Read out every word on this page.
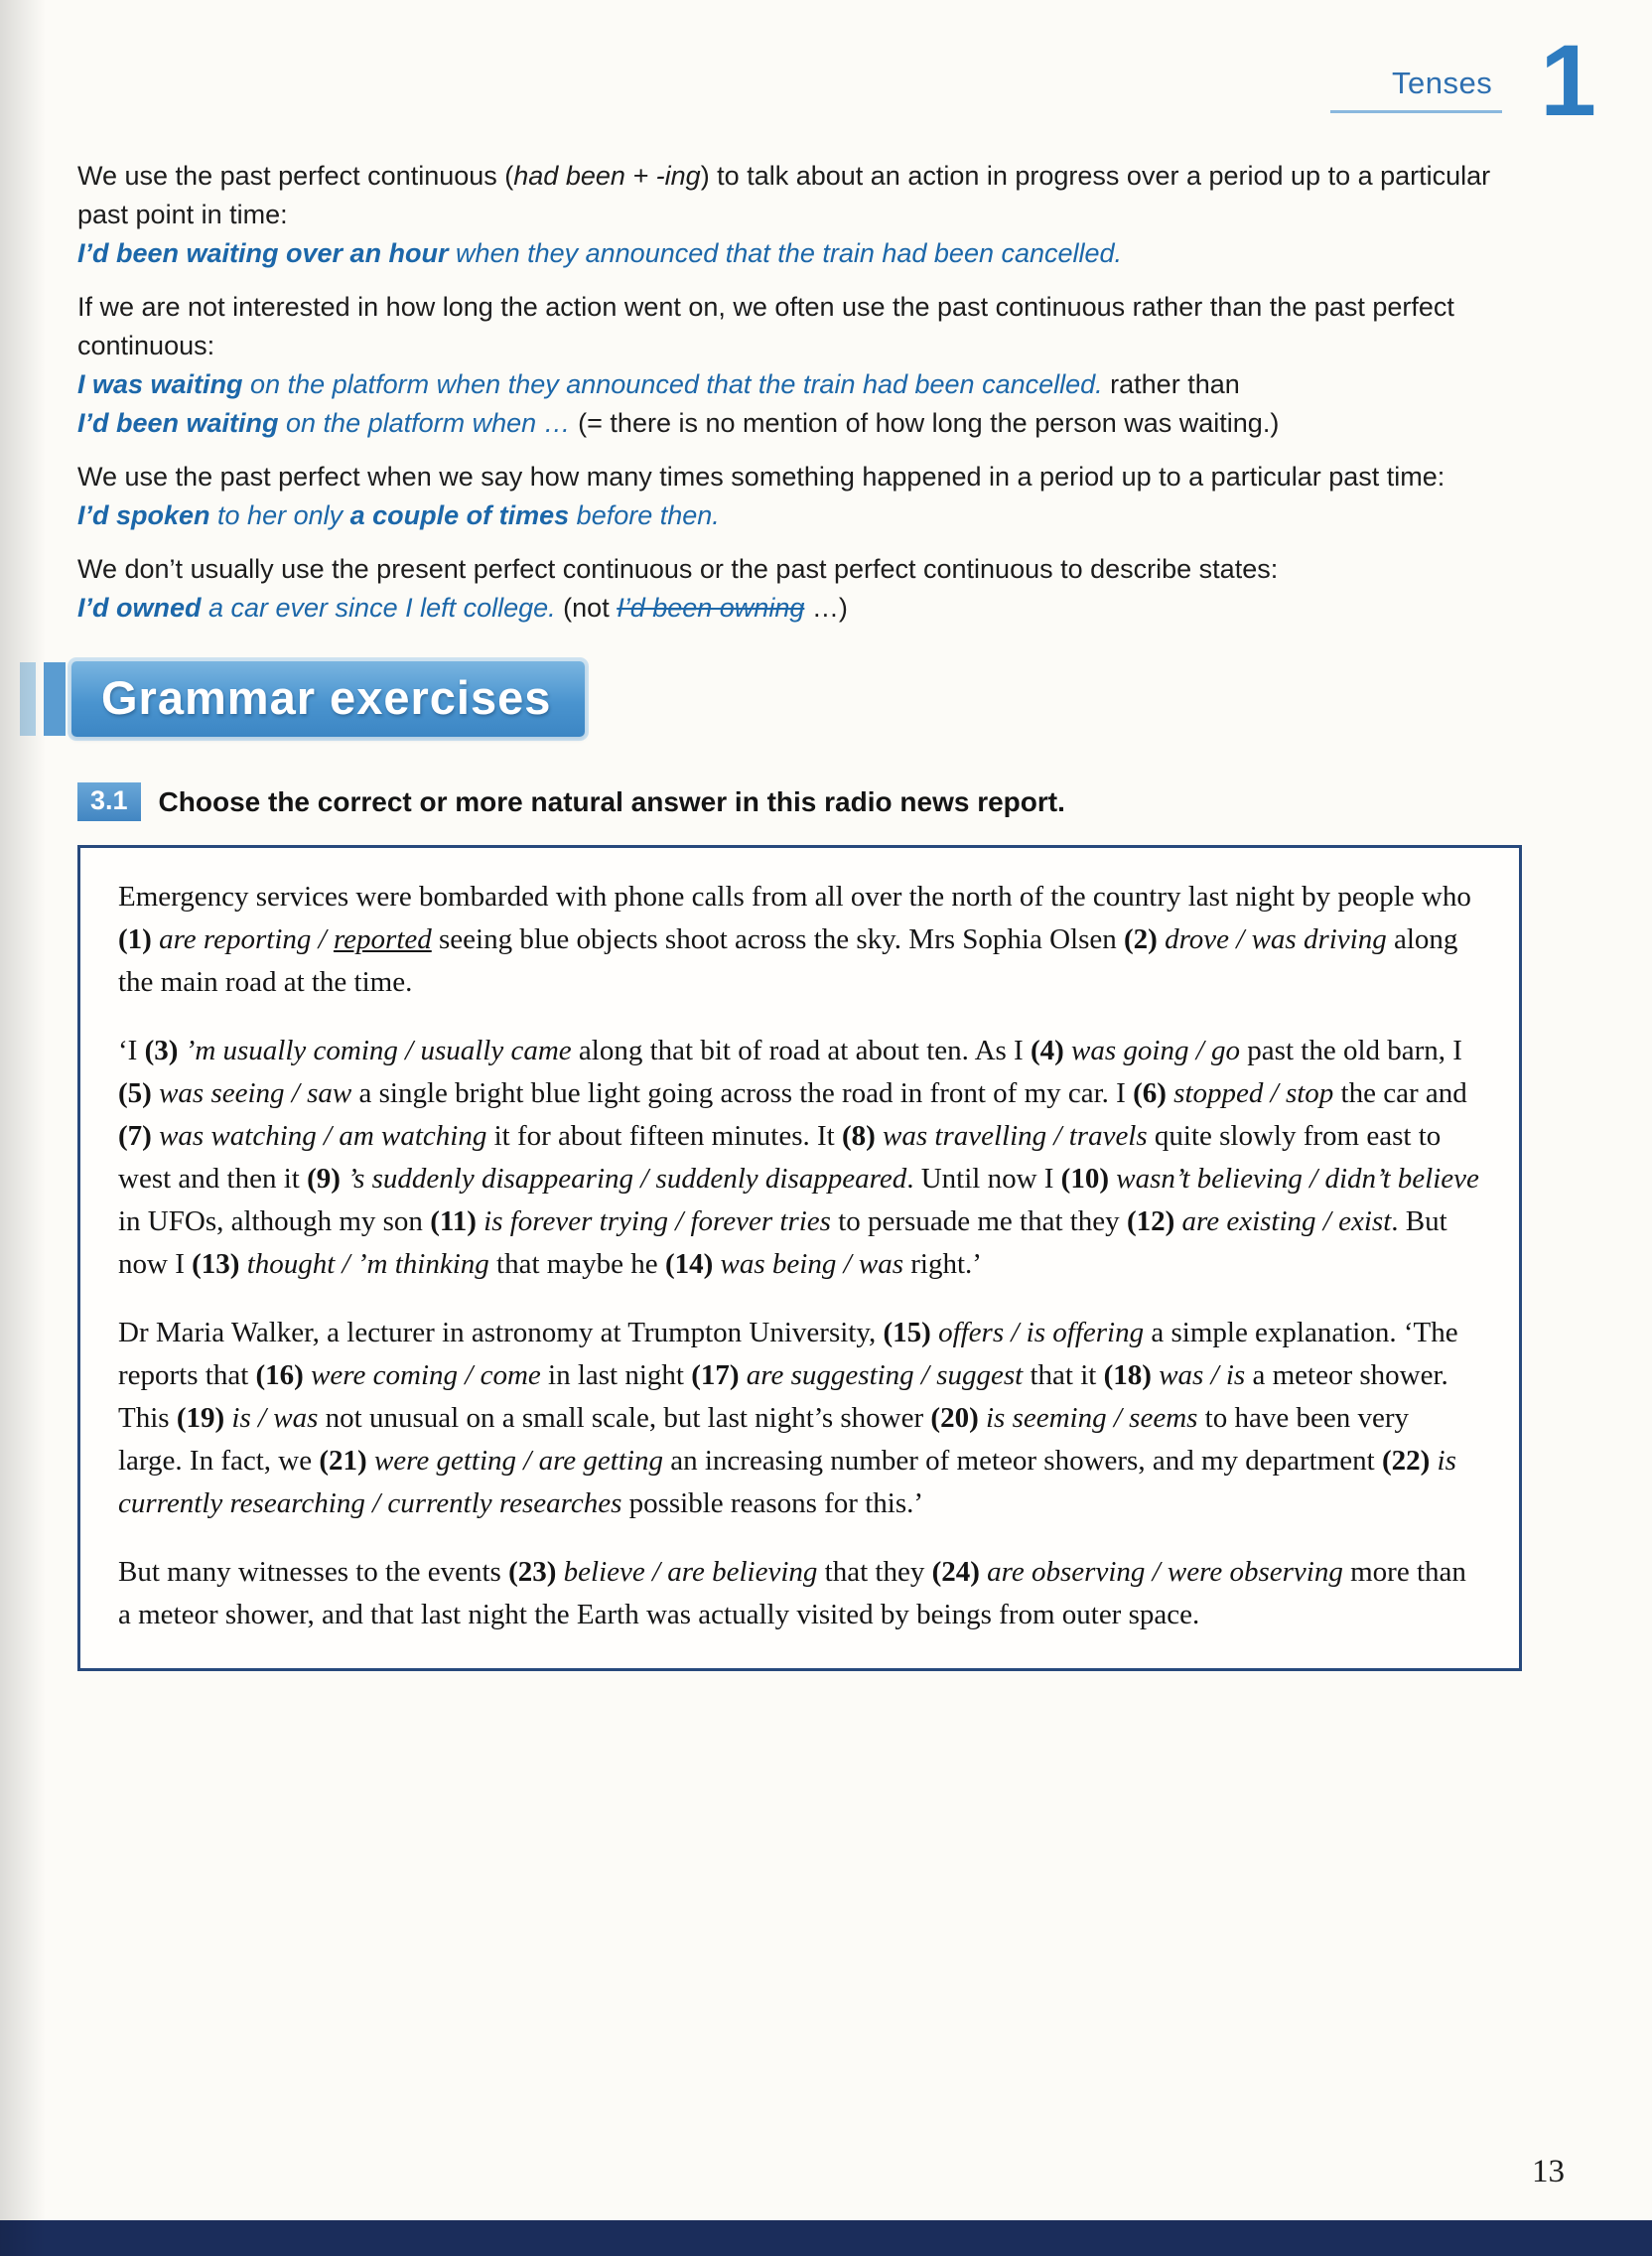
Tenses 1
We use the past perfect continuous (had been + -ing) to talk about an action in progress over a period up to a particular past point in time:
I’d been waiting over an hour when they announced that the train had been cancelled.
If we are not interested in how long the action went on, we often use the past continuous rather than the past perfect continuous:
I was waiting on the platform when they announced that the train had been cancelled. rather than
I’d been waiting on the platform when … (= there is no mention of how long the person was waiting.)
We use the past perfect when we say how many times something happened in a period up to a particular past time:
I’d spoken to her only a couple of times before then.
We don’t usually use the present perfect continuous or the past perfect continuous to describe states:
I’d owned a car ever since I left college. (not I’d been owning …)
Grammar exercises
3.1	Choose the correct or more natural answer in this radio news report.

Emergency services were bombarded with phone calls from all over the north of the country last night by people who (1) are reporting / reported seeing blue objects shoot across the sky. Mrs Sophia Olsen (2) drove / was driving along the main road at the time.

‘I (3) ’m usually coming / usually came along that bit of road at about ten. As I (4) was going / go past the old barn, I (5) was seeing / saw a single bright blue light going across the road in front of my car. I (6) stopped / stop the car and (7) was watching / am watching it for about fifteen minutes. It (8) was travelling / travels quite slowly from east to west and then it (9) ’s suddenly disappearing / suddenly disappeared. Until now I (10) wasn’t believing / didn’t believe in UFOs, although my son (11) is forever trying / forever tries to persuade me that they (12) are existing / exist. But now I (13) thought / ’m thinking that maybe he (14) was being / was right.’

Dr Maria Walker, a lecturer in astronomy at Trumpton University, (15) offers / is offering a simple explanation. ‘The reports that (16) were coming / come in last night (17) are suggesting / suggest that it (18) was / is a meteor shower. This (19) is / was not unusual on a small scale, but last night’s shower (20) is seeming / seems to have been very large. In fact, we (21) were getting / are getting an increasing number of meteor showers, and my department (22) is currently researching / currently researches possible reasons for this.’

But many witnesses to the events (23) believe / are believing that they (24) are observing / were observing more than a meteor shower, and that last night the Earth was actually visited by beings from outer space.

13
